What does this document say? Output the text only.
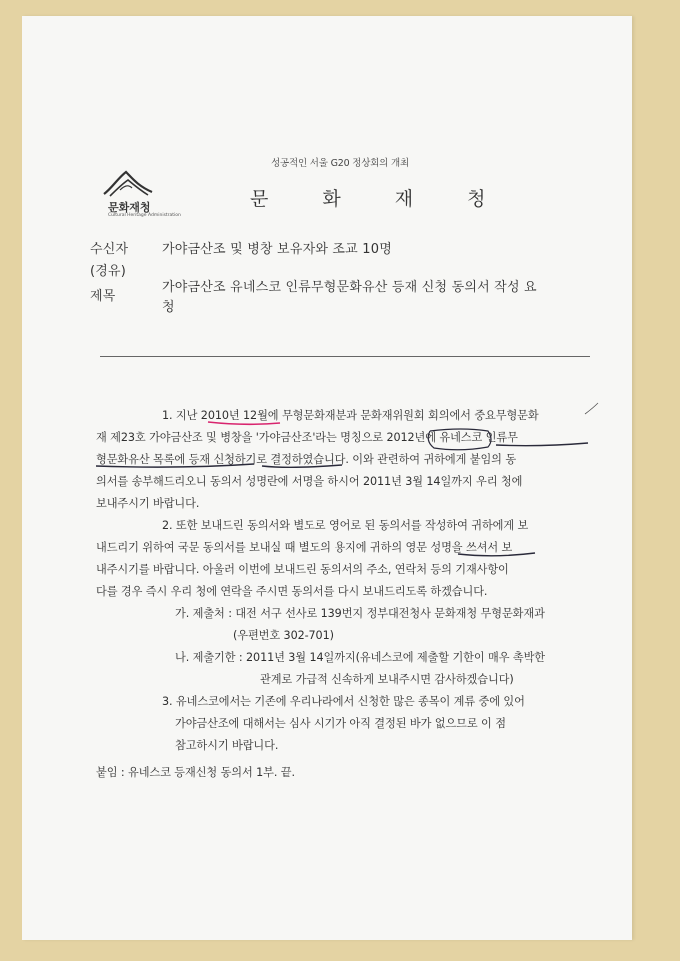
성공적인 서울 G20 정상회의 개최
문화재청
Cultural Heritage Administration
문 화 재 청
수신자	가야금산조 및 병창 보유자와 조교 10명
(경유)
제목
가야금산조 유네스코 인류무형문화유산 등재 신청 동의서 작성 요
청
1. 지난 2010년 12월에 무형문화재분과 문화재위원회 회의에서 중요무형문화
재 제23호 가야금산조 및 병창을 '가야금산조'라는 명칭으로 2012년에 유네스코 인류무
형문화유산 목록에 등재 신청하기로 결정하였습니다. 이와 관련하여 귀하에게 붙임의 동
의서를 송부해드리오니 동의서 성명란에 서명을 하시어 2011년 3월 14일까지 우리 청에
보내주시기 바랍니다.
2. 또한 보내드린 동의서와 별도로 영어로 된 동의서를 작성하여 귀하에게 보
내드리기 위하여 국문 동의서를 보내실 때 별도의 용지에 귀하의 영문 성명을 쓰셔서 보
내주시기를 바랍니다. 아울러 이번에 보내드린 동의서의 주소, 연락처 등의 기재사항이
다를 경우 즉시 우리 청에 연락을 주시면 동의서를 다시 보내드리도록 하겠습니다.
가. 제출처 : 대전 서구 선사로 139번지 정부대전청사 문화재청 무형문화재과
(우편번호 302-701)
나. 제출기한 : 2011년 3월 14일까지(유네스코에 제출할 기한이 매우 촉박한
관계로 가급적 신속하게 보내주시면 감사하겠습니다)
3. 유네스코에서는 기존에 우리나라에서 신청한 많은 종목이 계류 중에 있어
가야금산조에 대해서는 심사 시기가 아직 결정된 바가 없으므로 이 점
참고하시기 바랍니다.
붙임 : 유네스코 등재신청 동의서 1부. 끝.
